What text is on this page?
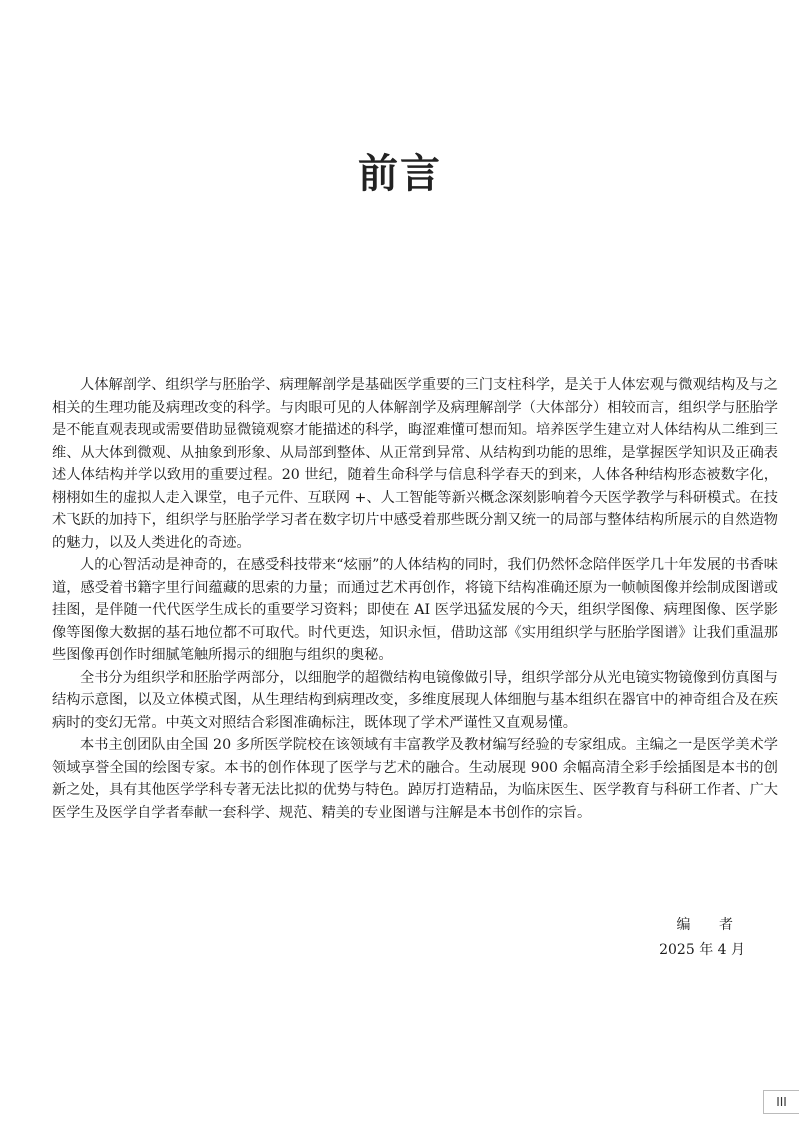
前言

人体解剖学、组织学与胚胎学、病理解剖学是基础医学重要的三门支柱科学，是关于人体宏观与微观结构及与之相关的生理功能及病理改变的科学。与肉眼可见的人体解剖学及病理解剖学（大体部分）相较而言，组织学与胚胎学是不能直观表现或需要借助显微镜观察才能描述的科学，晦涩难懂可想而知。培养医学生建立对人体结构从二维到三维、从大体到微观、从抽象到形象、从局部到整体、从正常到异常、从结构到功能的思维，是掌握医学知识及正确表述人体结构并学以致用的重要过程。20 世纪，随着生命科学与信息科学春天的到来，人体各种结构形态被数字化，栩栩如生的虚拟人走入课堂，电子元件、互联网 +、人工智能等新兴概念深刻影响着今天医学教学与科研模式。在技术飞跃的加持下，组织学与胚胎学学习者在数字切片中感受着那些既分割又统一的局部与整体结构所展示的自然造物的魅力，以及人类进化的奇迹。

人的心智活动是神奇的，在感受科技带来“炫丽”的人体结构的同时，我们仍然怀念陪伴医学几十年发展的书香味道，感受着书籍字里行间蕴藏的思索的力量；而通过艺术再创作，将镜下结构准确还原为一帧帧图像并绘制成图谱或挂图，是伴随一代代医学生成长的重要学习资料；即使在 AI 医学迅猛发展的今天，组织学图像、病理图像、医学影像等图像大数据的基石地位都不可取代。时代更迭，知识永恒，借助这部《实用组织学与胚胎学图谱》让我们重温那些图像再创作时细腻笔触所揭示的细胞与组织的奥秘。

全书分为组织学和胚胎学两部分，以细胞学的超微结构电镜像做引导，组织学部分从光电镜实物镜像到仿真图与结构示意图，以及立体模式图，从生理结构到病理改变，多维度展现人体细胞与基本组织在器官中的神奇组合及在疾病时的变幻无常。中英文对照结合彩图准确标注，既体现了学术严谨性又直观易懂。

本书主创团队由全国 20 多所医学院校在该领域有丰富教学及教材编写经验的专家组成。主编之一是医学美术学领域享誉全国的绘图专家。本书的创作体现了医学与艺术的融合。生动展现 900 余幅高清全彩手绘插图是本书的创新之处，具有其他医学学科专著无法比拟的优势与特色。踔厉打造精品，为临床医生、医学教育与科研工作者、广大医学生及医学自学者奉献一套科学、规范、精美的专业图谱与注解是本书创作的宗旨。

编 者
2025 年 4 月
III
